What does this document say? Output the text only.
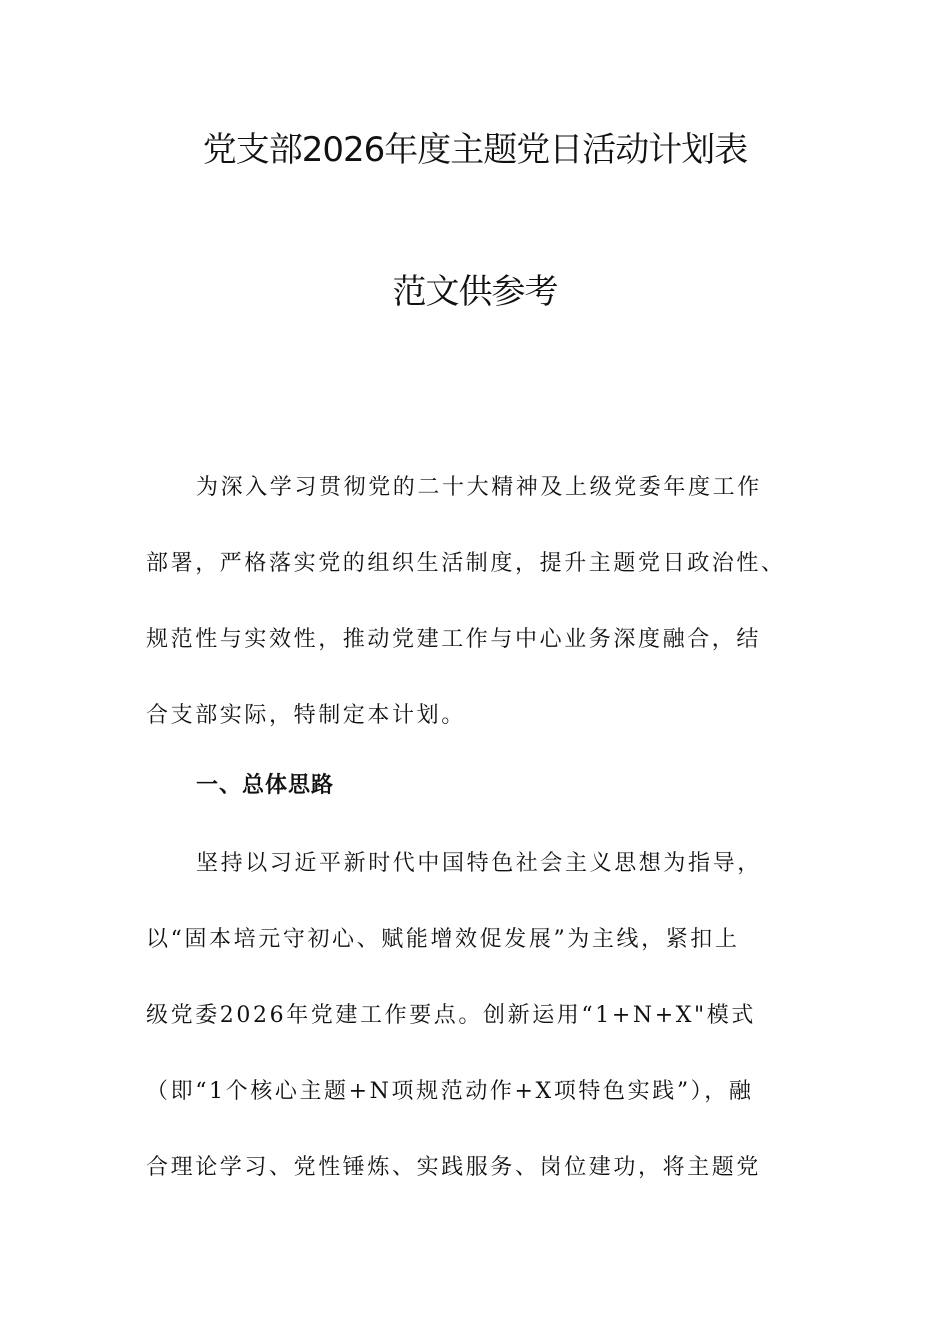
党支部2026年度主题党日活动计划表
范文供参考
为深入学习贯彻党的二十大精神及上级党委年度工作
部署，严格落实党的组织生活制度，提升主题党日政治性、
规范性与实效性，推动党建工作与中心业务深度融合，结
合支部实际，特制定本计划。
一、总体思路
坚持以习近平新时代中国特色社会主义思想为指导，
以“固本培元守初心、赋能增效促发展”为主线，紧扣上
级党委2026年党建工作要点。创新运用“1+N+X"模式
（即“1个核心主题+N项规范动作+X项特色实践”），融
合理论学习、党性锤炼、实践服务、岗位建功，将主题党
